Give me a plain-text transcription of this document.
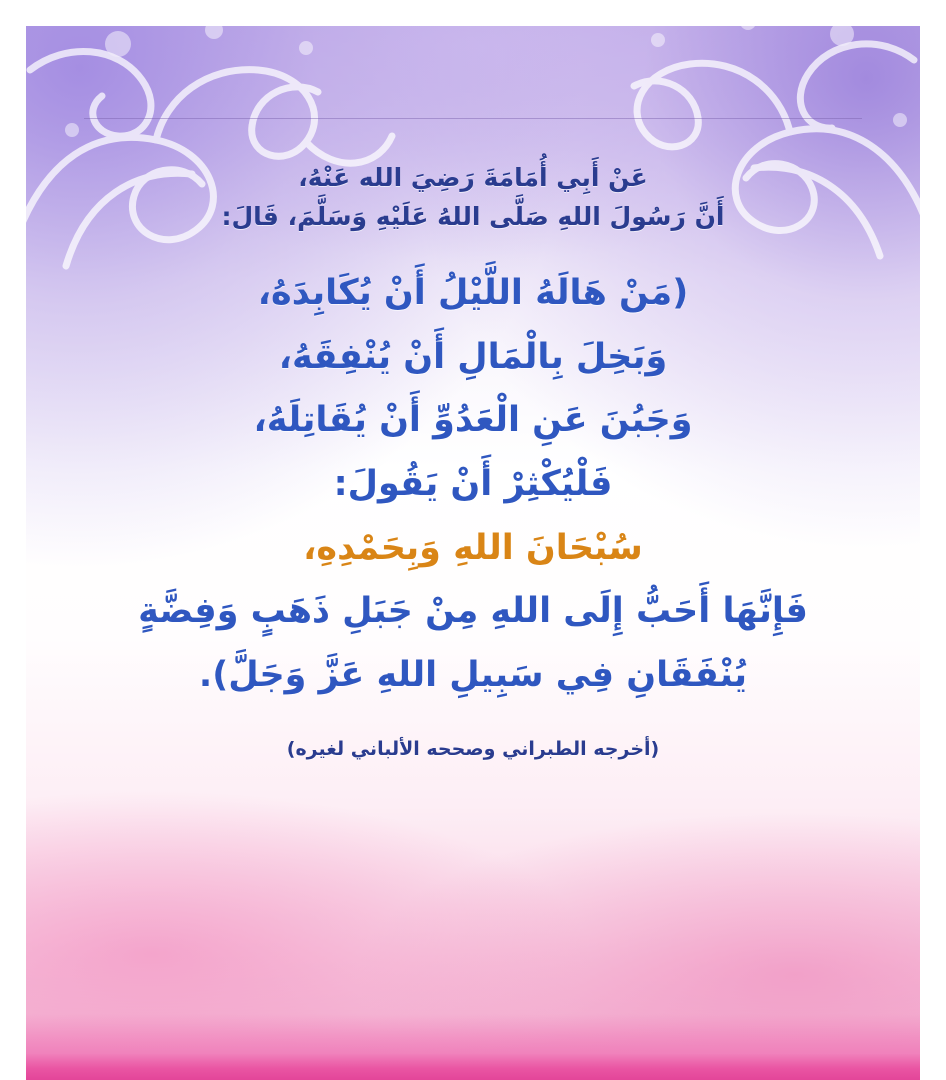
عَنْ أَبِي أُمَامَةَ رَضِيَ الله عَنْهُ،
أَنَّ رَسُولَ اللهِ صَلَّى اللهُ عَلَيْهِ وَسَلَّمَ، قَالَ:
(مَنْ هَالَهُ اللَّيْلُ أَنْ يُكَابِدَهُ،
وَبَخِلَ بِالْمَالِ أَنْ يُنْفِقَهُ،
وَجَبُنَ عَنِ الْعَدُوِّ أَنْ يُقَاتِلَهُ،
فَلْيُكْثِرْ أَنْ يَقُولَ:
سُبْحَانَ اللهِ وَبِحَمْدِهِ،
فَإِنَّهَا أَحَبُّ إِلَى اللهِ مِنْ جَبَلِ ذَهَبٍ وَفِضَّةٍ
يُنْفَقَانِ فِي سَبِيلِ اللهِ عَزَّ وَجَلَّ).
(أخرجه الطبراني وصححه الألباني لغيره)
